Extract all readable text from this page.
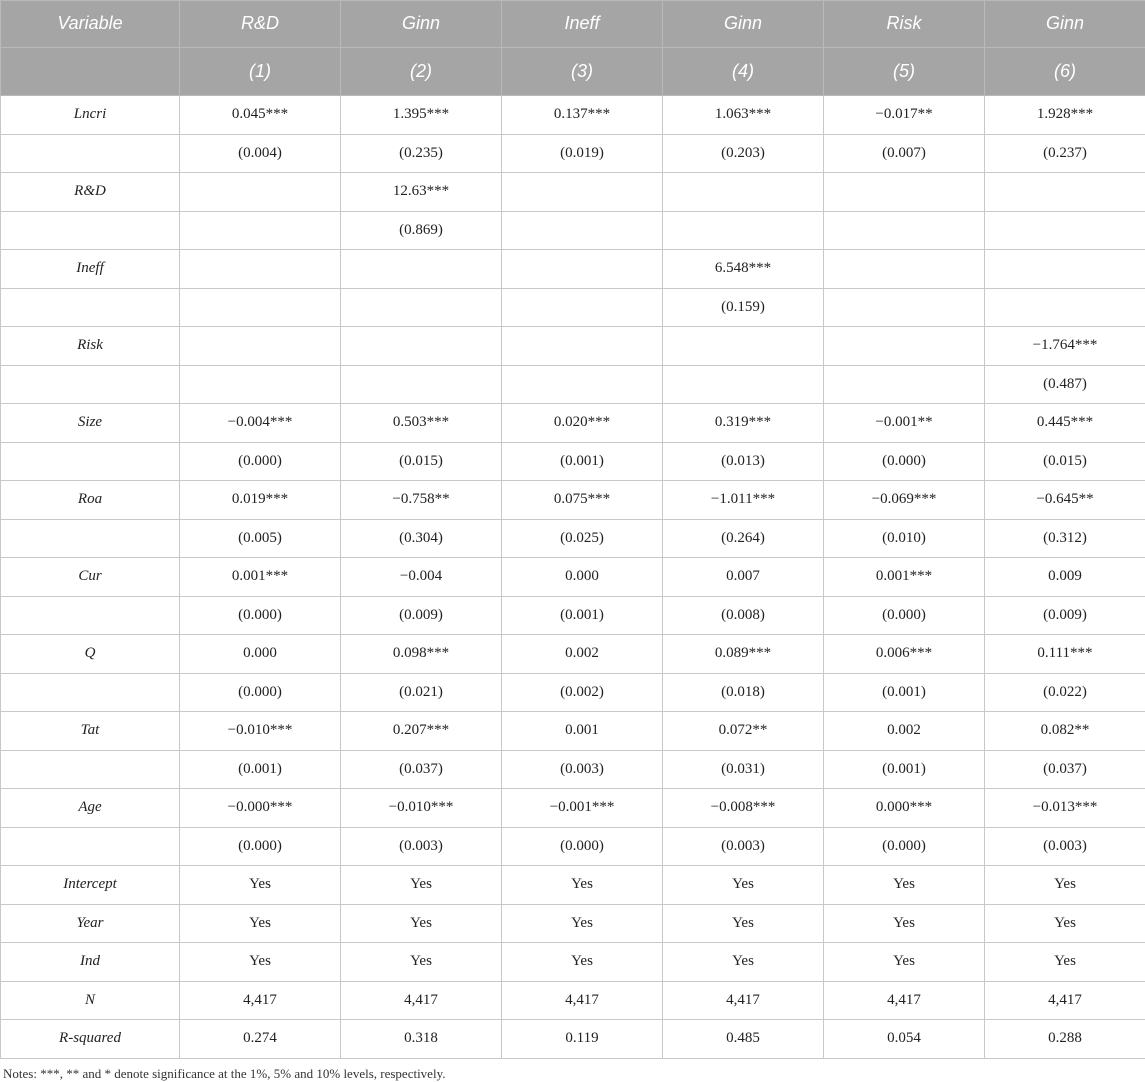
Variable	R&D	Ginn	Ineff	Ginn	Risk	Ginn
	(1)	(2)	(3)	(4)	(5)	(6)
Lncri	0.045***	1.395***	0.137***	1.063***	−0.017**	1.928***
	(0.004)	(0.235)	(0.019)	(0.203)	(0.007)	(0.237)
R&D		12.63***				
		(0.869)				
Ineff				6.548***		
				(0.159)		
Risk						−1.764***
						(0.487)
Size	−0.004***	0.503***	0.020***	0.319***	−0.001**	0.445***
	(0.000)	(0.015)	(0.001)	(0.013)	(0.000)	(0.015)
Roa	0.019***	−0.758**	0.075***	−1.011***	−0.069***	−0.645**
	(0.005)	(0.304)	(0.025)	(0.264)	(0.010)	(0.312)
Cur	0.001***	−0.004	0.000	0.007	0.001***	0.009
	(0.000)	(0.009)	(0.001)	(0.008)	(0.000)	(0.009)
Q	0.000	0.098***	0.002	0.089***	0.006***	0.111***
	(0.000)	(0.021)	(0.002)	(0.018)	(0.001)	(0.022)
Tat	−0.010***	0.207***	0.001	0.072**	0.002	0.082**
	(0.001)	(0.037)	(0.003)	(0.031)	(0.001)	(0.037)
Age	−0.000***	−0.010***	−0.001***	−0.008***	0.000***	−0.013***
	(0.000)	(0.003)	(0.000)	(0.003)	(0.000)	(0.003)
Intercept	Yes	Yes	Yes	Yes	Yes	Yes
Year	Yes	Yes	Yes	Yes	Yes	Yes
Ind	Yes	Yes	Yes	Yes	Yes	Yes
N	4,417	4,417	4,417	4,417	4,417	4,417
R-squared	0.274	0.318	0.119	0.485	0.054	0.288

Notes: ***, ** and * denote significance at the 1%, 5% and 10% levels, respectively.
